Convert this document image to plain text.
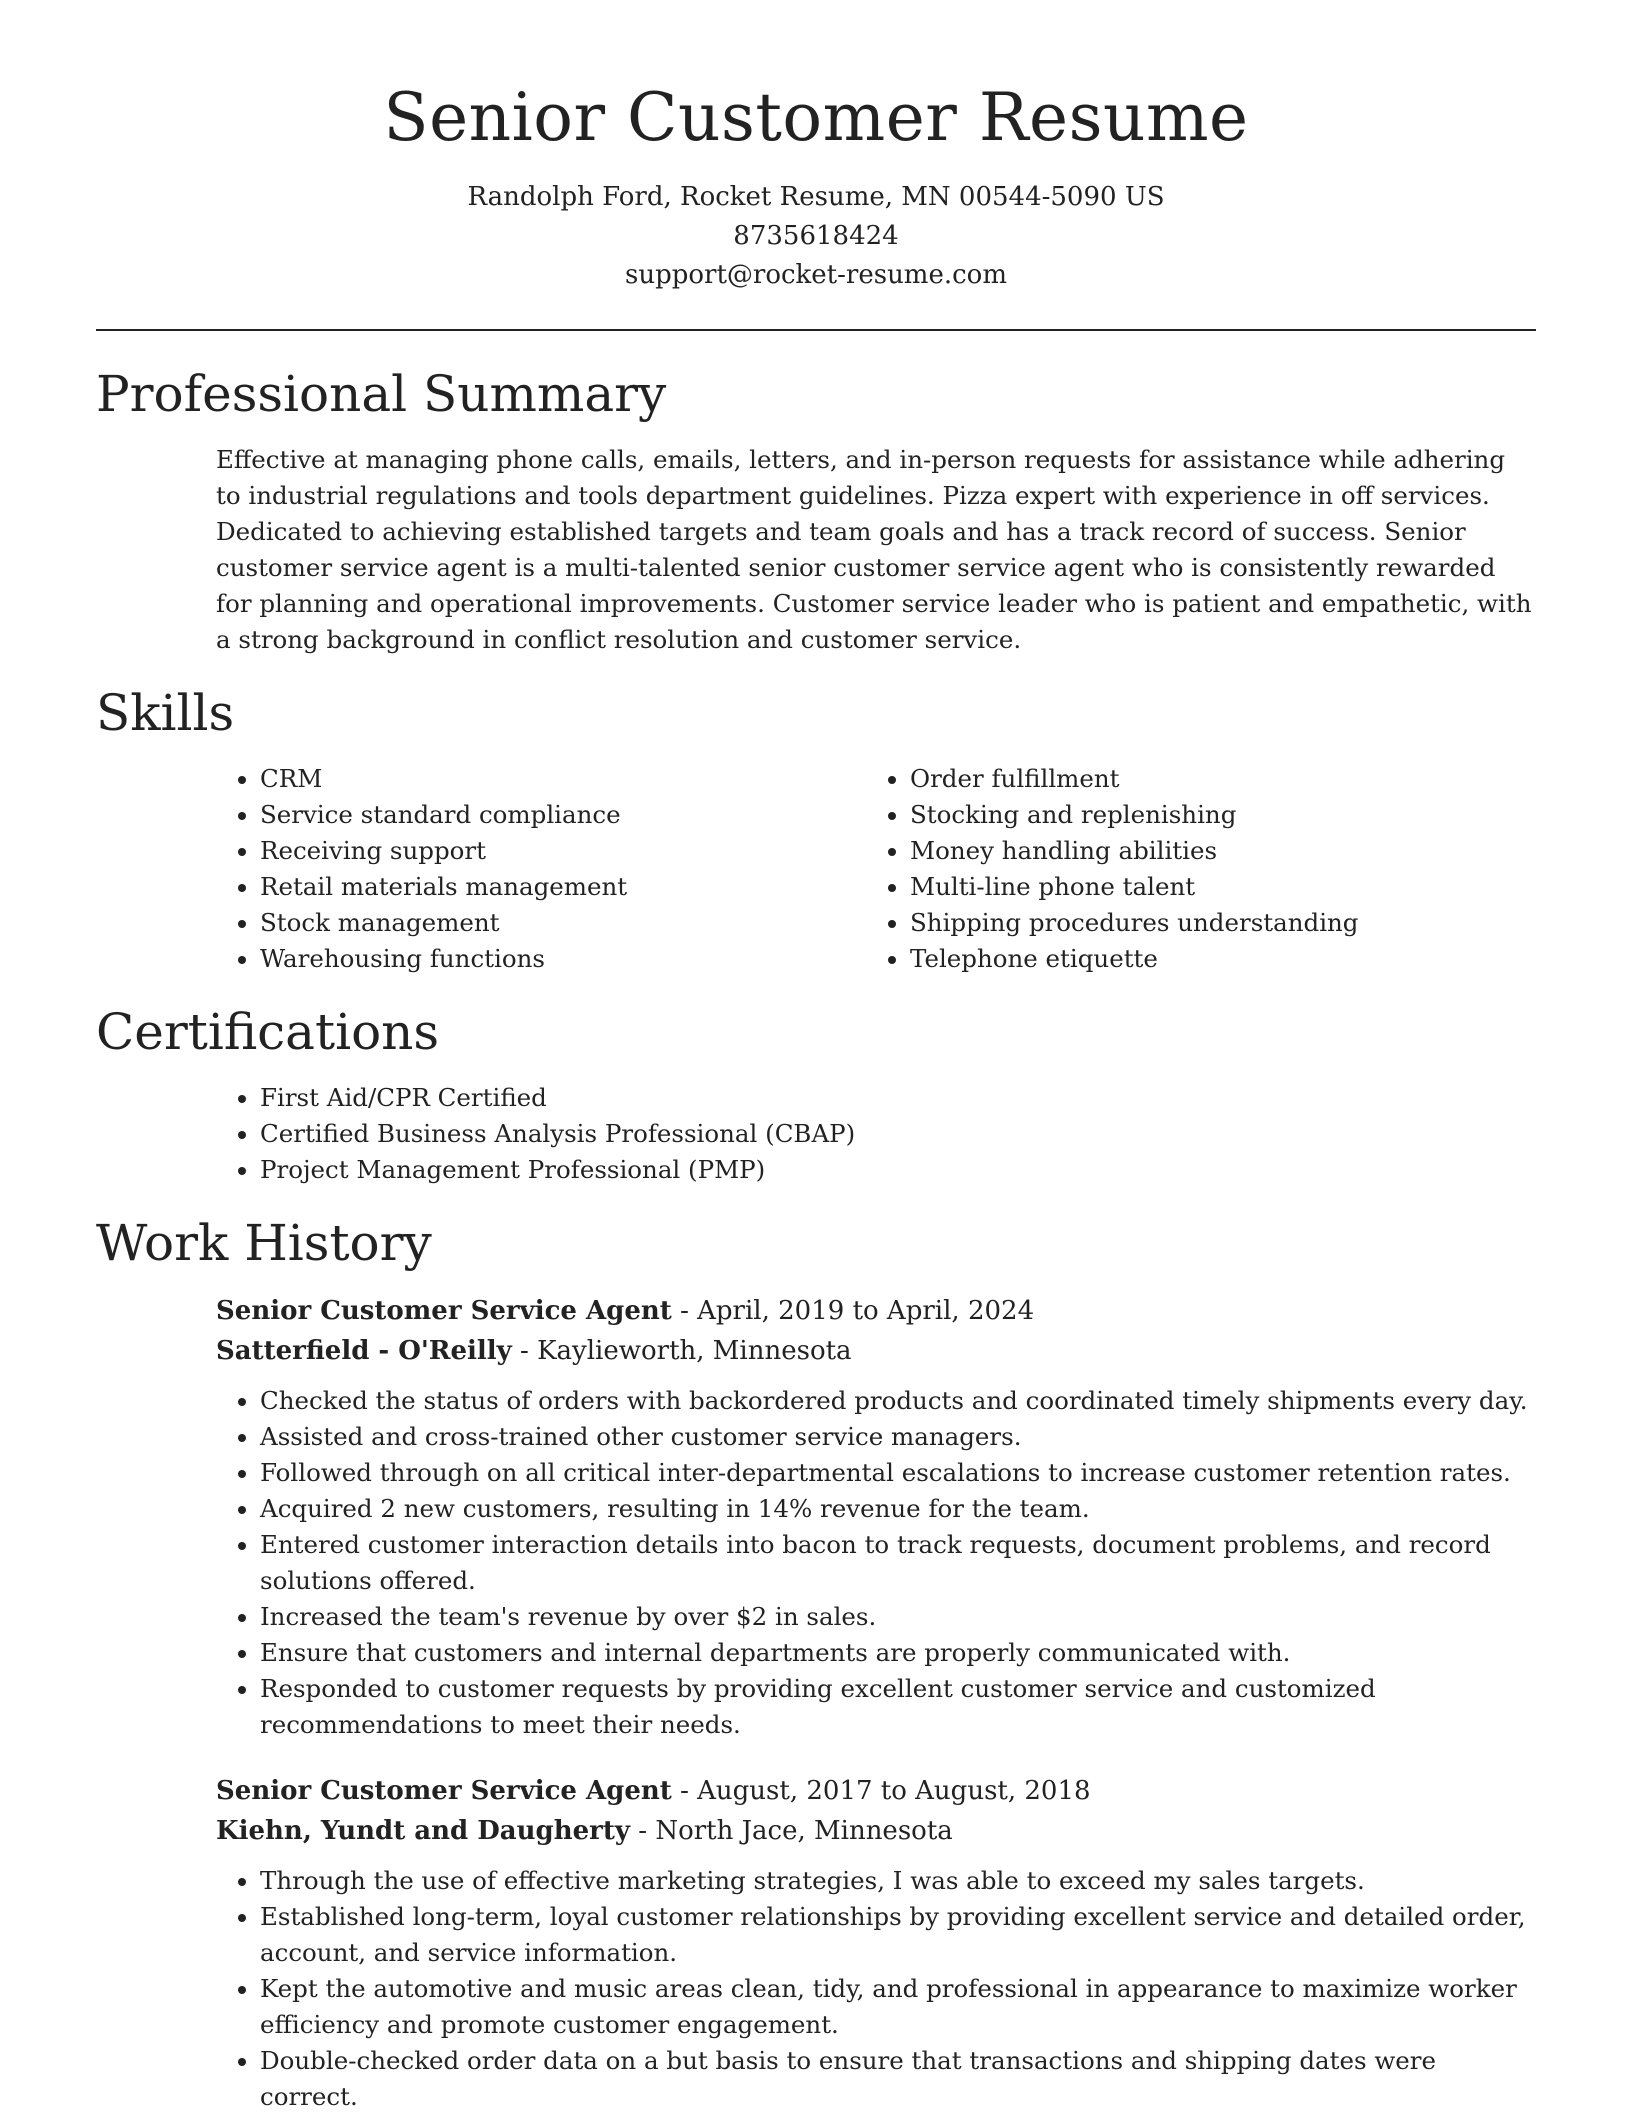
Senior Customer Resume
Randolph Ford, Rocket Resume, MN 00544-5090 US
8735618424
support@rocket-resume.com
Professional Summary

Effective at managing phone calls, emails, letters, and in-person requests for assistance while adhering to industrial regulations and tools department guidelines. Pizza expert with experience in off services. Dedicated to achieving established targets and team goals and has a track record of success. Senior customer service agent is a multi-talented senior customer service agent who is consistently rewarded for planning and operational improvements. Customer service leader who is patient and empathetic, with a strong background in conflict resolution and customer service.

Skills
• CRM
• Service standard compliance
• Receiving support
• Retail materials management
• Stock management
• Warehousing functions
• Order fulfillment
• Stocking and replenishing
• Money handling abilities
• Multi-line phone talent
• Shipping procedures understanding
• Telephone etiquette
Certifications
• First Aid/CPR Certified
• Certified Business Analysis Professional (CBAP)
• Project Management Professional (PMP)
Work History
Senior Customer Service Agent - April, 2019 to April, 2024
Satterfield - O'Reilly - Kaylieworth, Minnesota
• Checked the status of orders with backordered products and coordinated timely shipments every day.
• Assisted and cross-trained other customer service managers.
• Followed through on all critical inter-departmental escalations to increase customer retention rates.
• Acquired 2 new customers, resulting in 14% revenue for the team.
• Entered customer interaction details into bacon to track requests, document problems, and record solutions offered.
• Increased the team's revenue by over $2 in sales.
• Ensure that customers and internal departments are properly communicated with.
• Responded to customer requests by providing excellent customer service and customized recommendations to meet their needs.
Senior Customer Service Agent - August, 2017 to August, 2018
Kiehn, Yundt and Daugherty - North Jace, Minnesota
• Through the use of effective marketing strategies, I was able to exceed my sales targets.
• Established long-term, loyal customer relationships by providing excellent service and detailed order, account, and service information.
• Kept the automotive and music areas clean, tidy, and professional in appearance to maximize worker efficiency and promote customer engagement.
• Double-checked order data on a but basis to ensure that transactions and shipping dates were correct.
